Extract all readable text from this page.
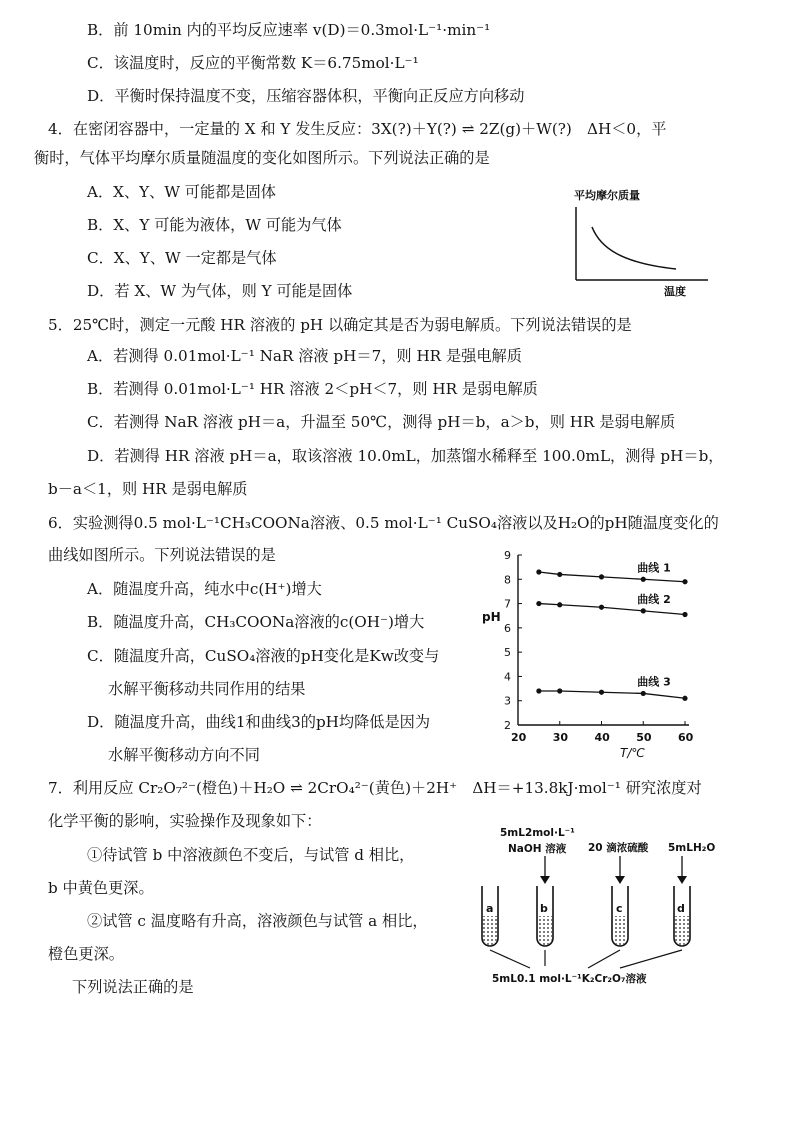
B．前 10min 内的平均反应速率 v(D)＝0.3mol·L⁻¹·min⁻¹
C．该温度时，反应的平衡常数 K＝6.75mol·L⁻¹
D．平衡时保持温度不变，压缩容器体积，平衡向正反应方向移动
4．在密闭容器中，一定量的 X 和 Y 发生反应：3X(?)＋Y(?) ⇌ 2Z(g)＋W(?)　ΔH＜0，平
衡时，气体平均摩尔质量随温度的变化如图所示。下列说法正确的是
A．X、Y、W 可能都是固体
B．X、Y 可能为液体，W 可能为气体
C．X、Y、W 一定都是气体
D．若 X、W 为气体，则 Y 可能是固体
平均摩尔质量
温度
5．25℃时，测定一元酸 HR 溶液的 pH 以确定其是否为弱电解质。下列说法错误的是
A．若测得 0.01mol·L⁻¹ NaR 溶液 pH＝7，则 HR 是强电解质
B．若测得 0.01mol·L⁻¹ HR 溶液 2＜pH＜7，则 HR 是弱电解质
C．若测得 NaR 溶液 pH＝a，升温至 50℃，测得 pH＝b，a＞b，则 HR 是弱电解质
D．若测得 HR 溶液 pH＝a，取该溶液 10.0mL，加蒸馏水稀释至 100.0mL，测得 pH＝b，
b－a＜1，则 HR 是弱电解质
6．实验测得0.5 mol·L⁻¹CH₃COONa溶液、0.5 mol·L⁻¹ CuSO₄溶液以及H₂O的pH随温度变化的
曲线如图所示。下列说法错误的是
A．随温度升高，纯水中c(H⁺)增大
B．随温度升高，CH₃COONa溶液的c(OH⁻)增大
C．随温度升高，CuSO₄溶液的pH变化是Kw改变与
水解平衡移动共同作用的结果
D．随温度升高，曲线1和曲线3的pH均降低是因为
水解平衡移动方向不同
2
3
4
5
6
7
8
9
20 30 40 50 60
曲线 1
曲线 2
曲线 3
pH
T/℃
7．利用反应 Cr₂O₇²⁻(橙色)＋H₂O ⇌ 2CrO₄²⁻(黄色)＋2H⁺　ΔH＝+13.8kJ·mol⁻¹ 研究浓度对
化学平衡的影响，实验操作及现象如下：
①待试管 b 中溶液颜色不变后，与试管 d 相比，
b 中黄色更深。
②试管 c 温度略有升高，溶液颜色与试管 a 相比，
橙色更深。
下列说法正确的是
5mL2mol·L⁻¹
NaOH 溶液 20 滴浓硫酸 5mLH₂O
a	b	c	d
5mL0.1 mol·L⁻¹K₂Cr₂O₇溶液
